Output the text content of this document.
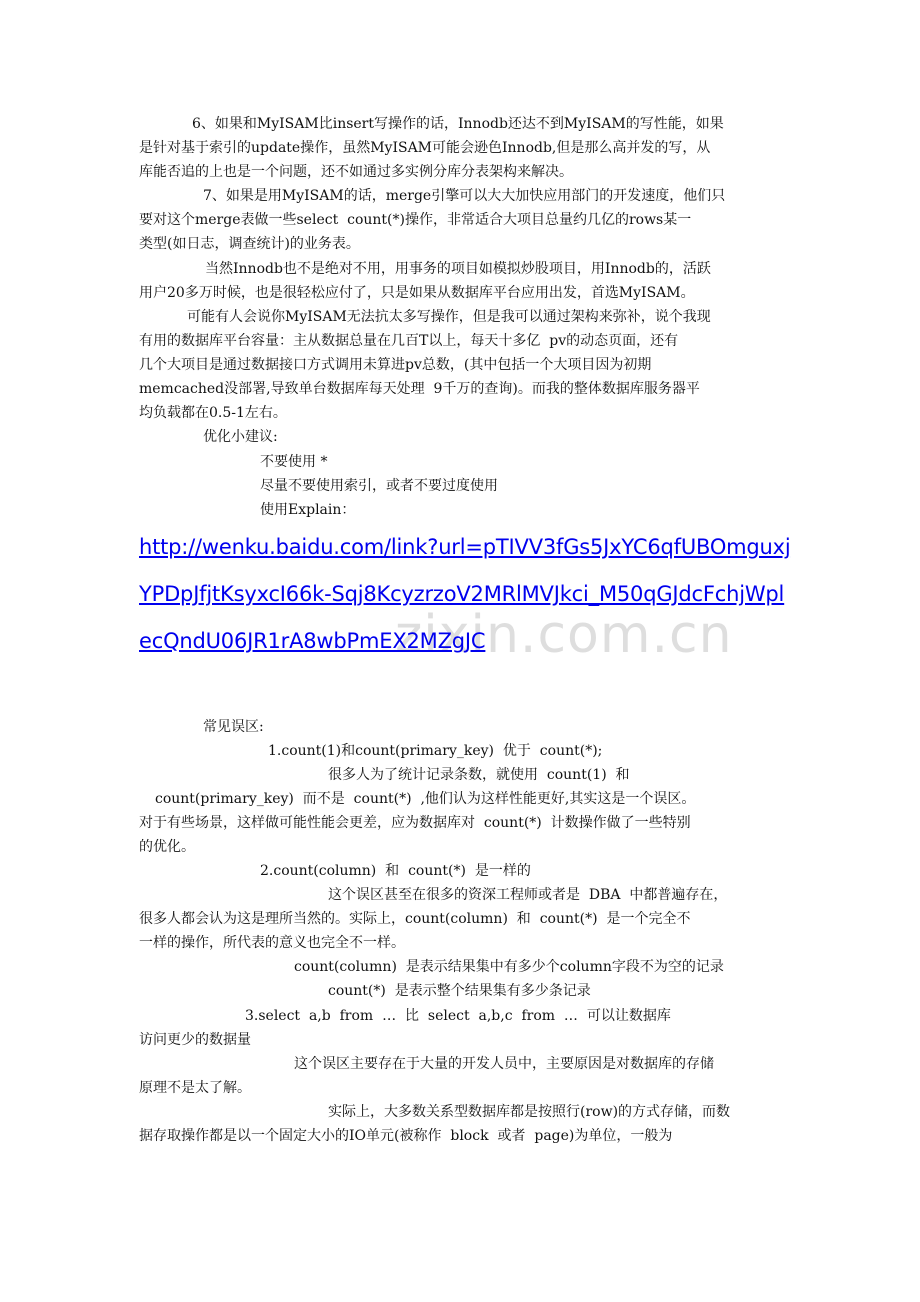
zixin.com.cn
6、如果和MyISAM比insert写操作的话，Innodb还达不到MyISAM的写性能，如果
是针对基于索引的update操作，虽然MyISAM可能会逊色Innodb,但是那么高并发的写，从
库能否追的上也是一个问题，还不如通过多实例分库分表架构来解决。
7、如果是用MyISAM的话，merge引擎可以大大加快应用部门的开发速度，他们只
要对这个merge表做一些select  count(*)操作，非常适合大项目总量约几亿的rows某一
类型(如日志，调查统计)的业务表。
当然Innodb也不是绝对不用，用事务的项目如模拟炒股项目，用Innodb的，活跃
用户20多万时候，也是很轻松应付了，只是如果从数据库平台应用出发，首选MyISAM。
可能有人会说你MyISAM无法抗太多写操作，但是我可以通过架构来弥补，说个我现
有用的数据库平台容量：主从数据总量在几百T以上，每天十多亿  pv的动态页面，还有
几个大项目是通过数据接口方式调用未算进pv总数，(其中包括一个大项目因为初期
memcached没部署,导致单台数据库每天处理  9千万的查询)。而我的整体数据库服务器平
均负载都在0.5-1左右。
优化小建议:
不要使用 *
尽量不要使用索引，或者不要过度使用
使用Explain：
http://wenku.baidu.com/link?url=pTIVV3fGs5JxYC6qfUBOmguxj
YPDpJfjtKsyxcI66k-Sqj8KcyzrzoV2MRlMVJkci_M50qGJdcFchjWpl
ecQndU06JR1rA8wbPmEX2MZgJC
常见误区:
1.count(1)和count(primary_key)  优于  count(*);
很多人为了统计记录条数，就使用  count(1)  和
count(primary_key)  而不是  count(*)  ,他们认为这样性能更好,其实这是一个误区。
对于有些场景，这样做可能性能会更差，应为数据库对  count(*)  计数操作做了一些特别
的优化。
2.count(column)  和  count(*)  是一样的
这个误区甚至在很多的资深工程师或者是  DBA  中都普遍存在，
很多人都会认为这是理所当然的。实际上，count(column)  和  count(*)  是一个完全不
一样的操作，所代表的意义也完全不一样。
count(column)  是表示结果集中有多少个column字段不为空的记录
count(*)  是表示整个结果集有多少条记录
3.select  a,b  from  …  比  select  a,b,c  from  …  可以让数据库
访问更少的数据量
这个误区主要存在于大量的开发人员中，主要原因是对数据库的存储
原理不是太了解。
实际上，大多数关系型数据库都是按照行(row)的方式存储，而数
据存取操作都是以一个固定大小的IO单元(被称作  block  或者  page)为单位，一般为
